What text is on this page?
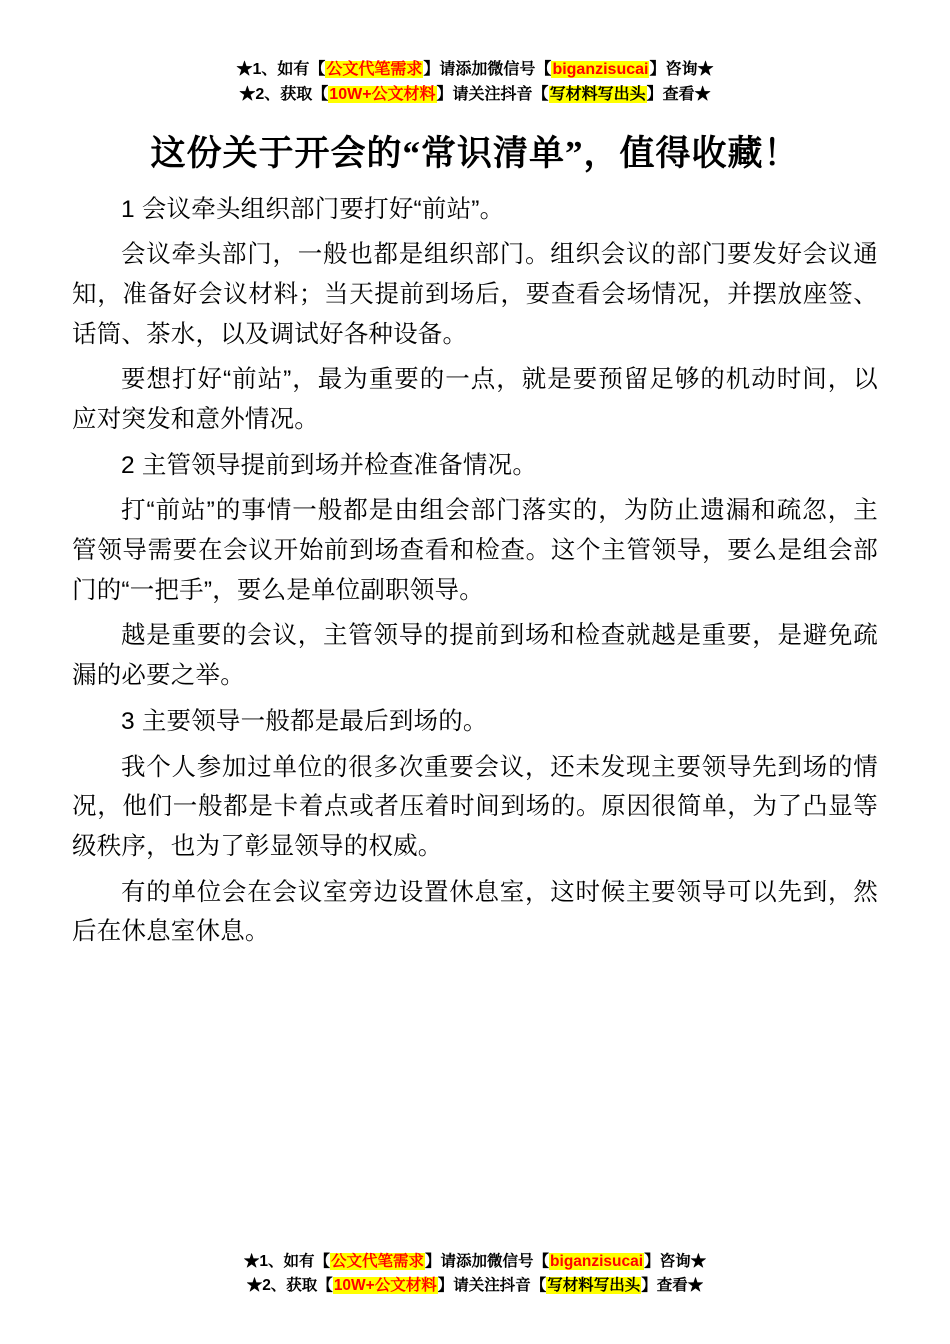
★1、如有【公文代笔需求】请添加微信号【biganzisucai】咨询★
★2、获取【10W+公文材料】请关注抖音【写材料写出头】查看★
这份关于开会的“常识清单”，值得收藏！

1 会议牵头组织部门要打好“前站”。

会议牵头部门，一般也都是组织部门。组织会议的部门要发好会议通知，准备好会议材料；当天提前到场后，要查看会场情况，并摆放座签、话筒、茶水，以及调试好各种设备。

要想打好“前站”，最为重要的一点，就是要预留足够的机动时间，以应对突发和意外情况。

2 主管领导提前到场并检查准备情况。

打“前站”的事情一般都是由组会部门落实的，为防止遗漏和疏忽，主管领导需要在会议开始前到场查看和检查。这个主管领导，要么是组会部门的“一把手”，要么是单位副职领导。

越是重要的会议，主管领导的提前到场和检查就越是重要，是避免疏漏的必要之举。

3 主要领导一般都是最后到场的。

我个人参加过单位的很多次重要会议，还未发现主要领导先到场的情况，他们一般都是卡着点或者压着时间到场的。原因很简单，为了凸显等级秩序，也为了彰显领导的权威。

有的单位会在会议室旁边设置休息室，这时候主要领导可以先到，然后在休息室休息。

★1、如有【公文代笔需求】请添加微信号【biganzisucai】咨询★
★2、获取【10W+公文材料】请关注抖音【写材料写出头】查看★
